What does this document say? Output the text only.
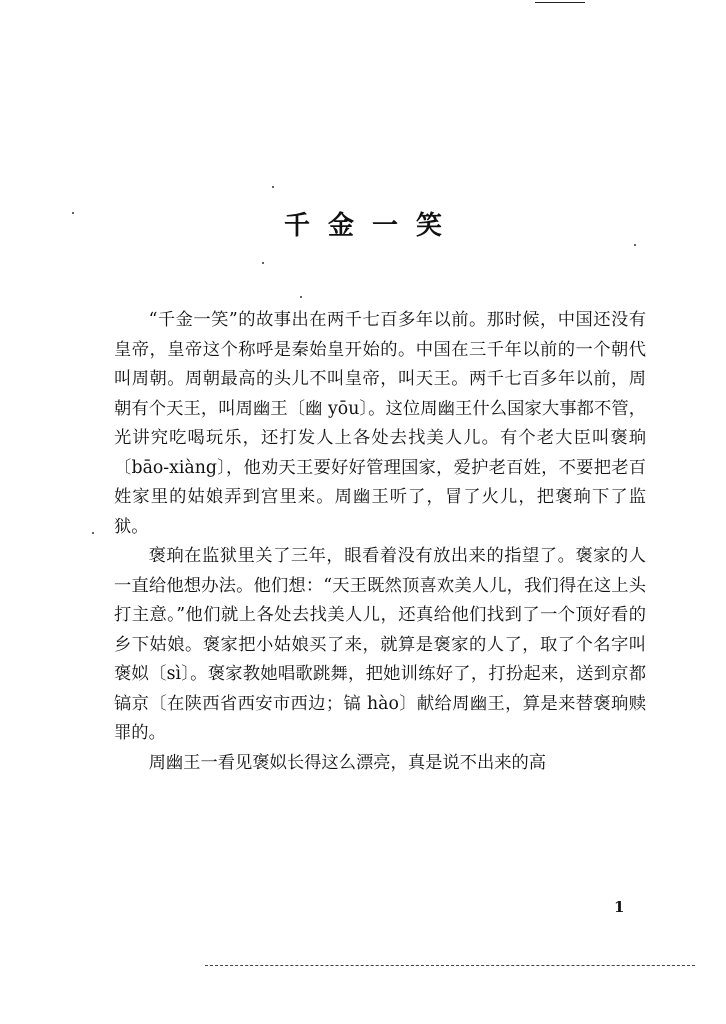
千金一笑

“千金一笑”的故事出在两千七百多年以前。那时候，中国还没有皇帝，皇帝这个称呼是秦始皇开始的。中国在三千年以前的一个朝代叫周朝。周朝最高的头儿不叫皇帝，叫天王。两千七百多年以前，周朝有个天王，叫周幽王〔幽 yōu〕。这位周幽王什么国家大事都不管，光讲究吃喝玩乐，还打发人上各处去找美人儿。有个老大臣叫褒珦〔bāo-xiàng〕，他劝天王要好好管理国家，爱护老百姓，不要把老百姓家里的姑娘弄到宫里来。周幽王听了，冒了火儿，把褒珦下了监狱。

褒珦在监狱里关了三年，眼看着没有放出来的指望了。褒家的人一直给他想办法。他们想：“天王既然顶喜欢美人儿，我们得在这上头打主意。”他们就上各处去找美人儿，还真给他们找到了一个顶好看的乡下姑娘。褒家把小姑娘买了来，就算是褒家的人了，取了个名字叫褒姒〔sì〕。褒家教她唱歌跳舞，把她训练好了，打扮起来，送到京都镐京〔在陕西省西安市西边；镐 hào〕献给周幽王，算是来替褒珦赎罪的。

周幽王一看见褒姒长得这么漂亮，真是说不出来的高

1
